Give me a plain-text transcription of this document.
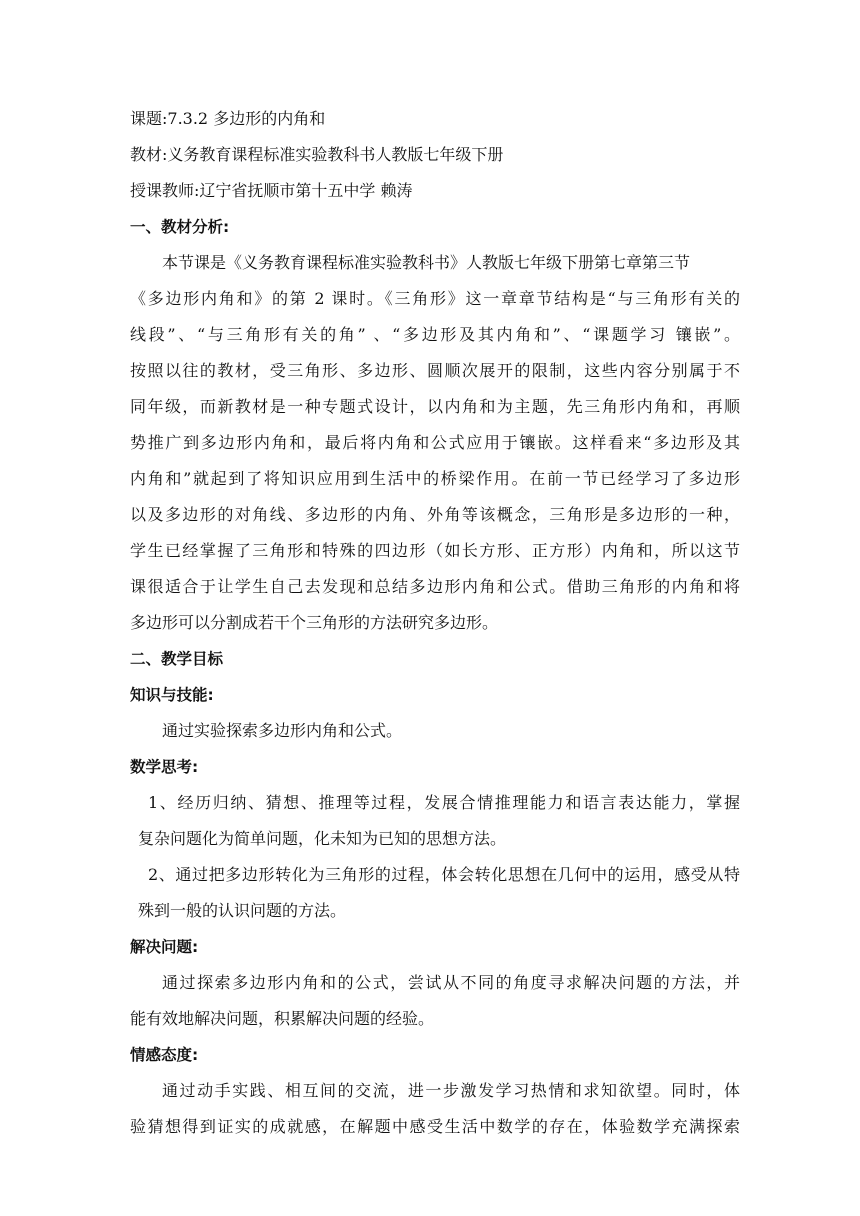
课题:7.3.2 多边形的内角和
教材:义务教育课程标准实验教科书人教版七年级下册
授课教师:辽宁省抚顺市第十五中学 赖涛
一、教材分析:
本节课是《义务教育课程标准实验教科书》人教版七年级下册第七章第三节
《多边形内角和》的第 2 课时。《三角形》这一章章节结构是“与三角形有关的
线段”、“与三角形有关的角” 、“多边形及其内角和”、“课题学习 镶嵌”。
按照以往的教材，受三角形、多边形、圆顺次展开的限制，这些内容分别属于不
同年级，而新教材是一种专题式设计，以内角和为主题，先三角形内角和，再顺
势推广到多边形内角和，最后将内角和公式应用于镶嵌。这样看来“多边形及其
内角和”就起到了将知识应用到生活中的桥梁作用。在前一节已经学习了多边形
以及多边形的对角线、多边形的内角、外角等该概念，三角形是多边形的一种，
学生已经掌握了三角形和特殊的四边形（如长方形、正方形）内角和，所以这节
课很适合于让学生自己去发现和总结多边形内角和公式。借助三角形的内角和将
多边形可以分割成若干个三角形的方法研究多边形。
二、教学目标
知识与技能:
通过实验探索多边形内角和公式。
数学思考:
1、经历归纳、猜想、推理等过程，发展合情推理能力和语言表达能力，掌握
复杂问题化为简单问题，化未知为已知的思想方法。
2、通过把多边形转化为三角形的过程，体会转化思想在几何中的运用，感受从特
殊到一般的认识问题的方法。
解决问题:
通过探索多边形内角和的公式，尝试从不同的角度寻求解决问题的方法，并
能有效地解决问题，积累解决问题的经验。
情感态度:
通过动手实践、相互间的交流，进一步激发学习热情和求知欲望。同时，体
验猜想得到证实的成就感，在解题中感受生活中数学的存在，体验数学充满探索
